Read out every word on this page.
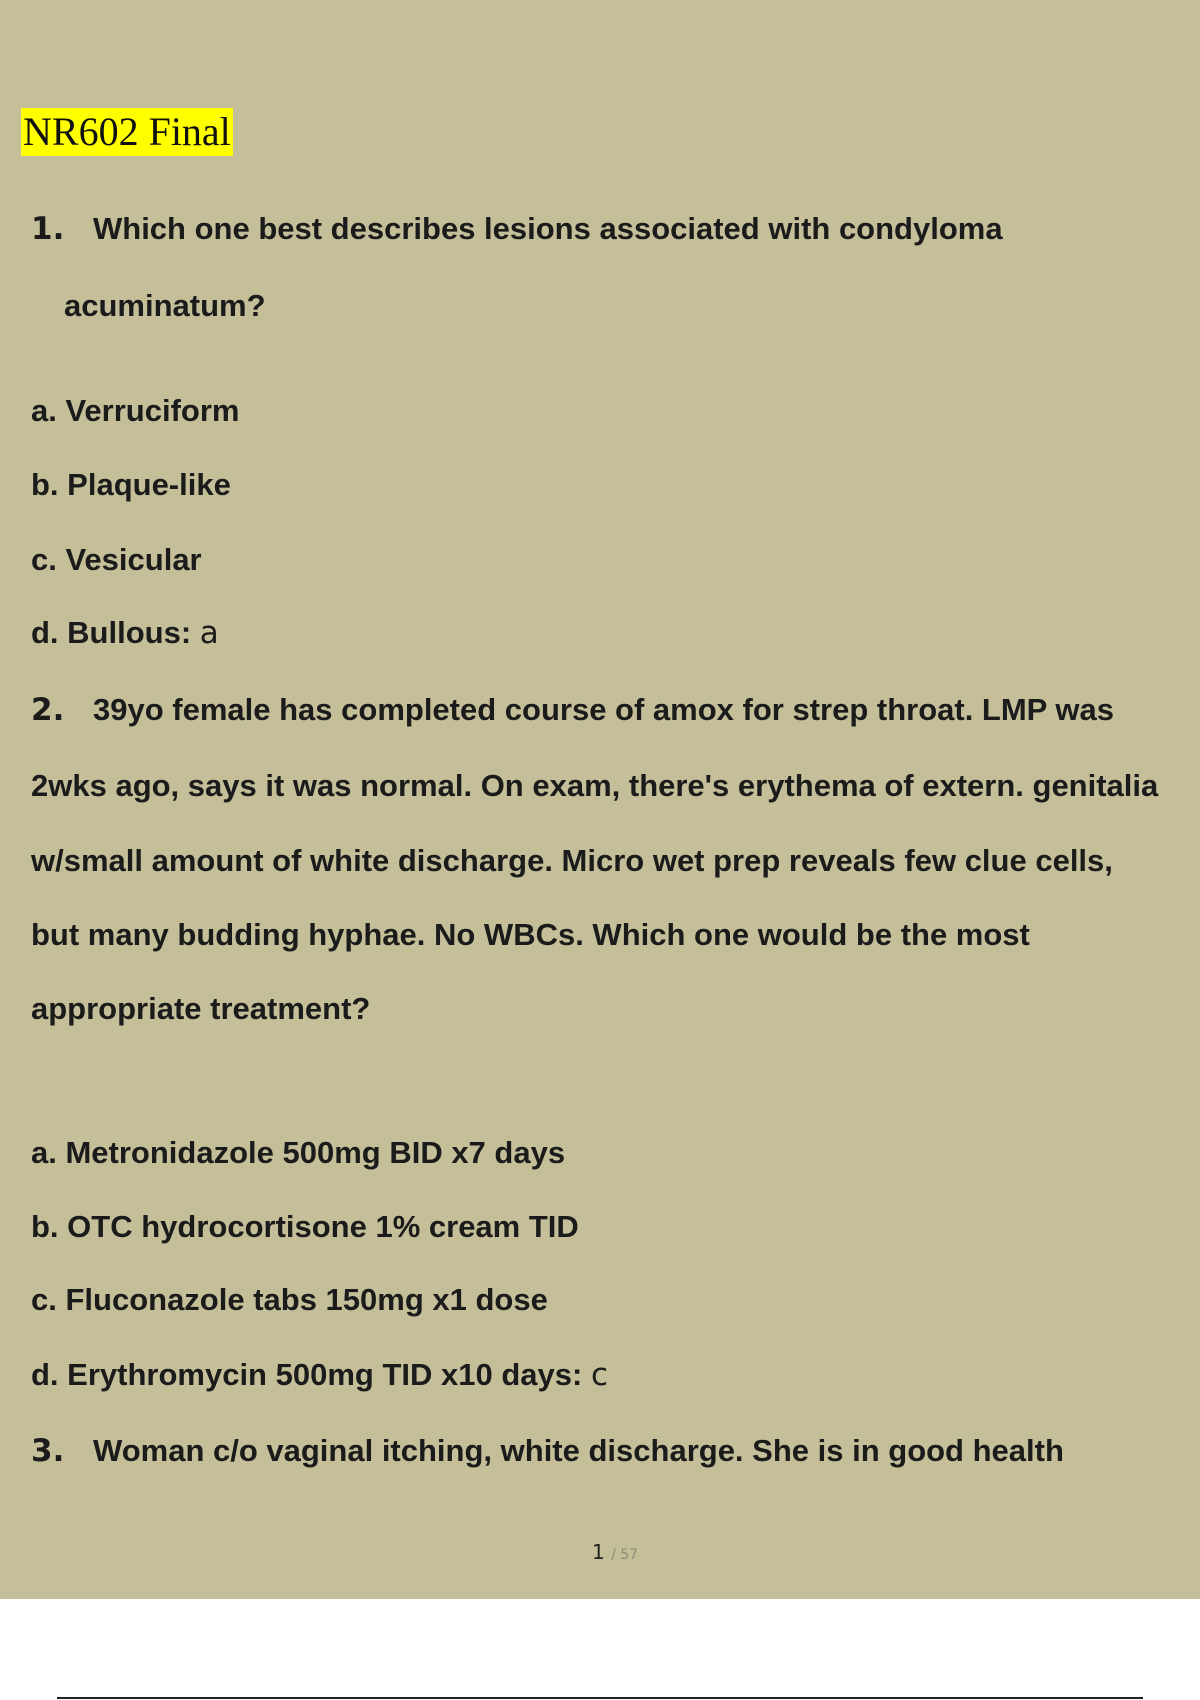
NR602 Final
1. Which one best describes lesions associated with condyloma
acuminatum?
a. Verruciform
b. Plaque-like
c. Vesicular
d. Bullous: a
2. 39yo female has completed course of amox for strep throat. LMP was
2wks ago, says it was normal. On exam, there's erythema of extern. genitalia
w/small amount of white discharge. Micro wet prep reveals few clue cells,
but many budding hyphae. No WBCs. Which one would be the most
appropriate treatment?
a. Metronidazole 500mg BID x7 days
b. OTC hydrocortisone 1% cream TID
c. Fluconazole tabs 150mg x1 dose
d. Erythromycin 500mg TID x10 days: c
3. Woman c/o vaginal itching, white discharge. She is in good health
1 / 57
